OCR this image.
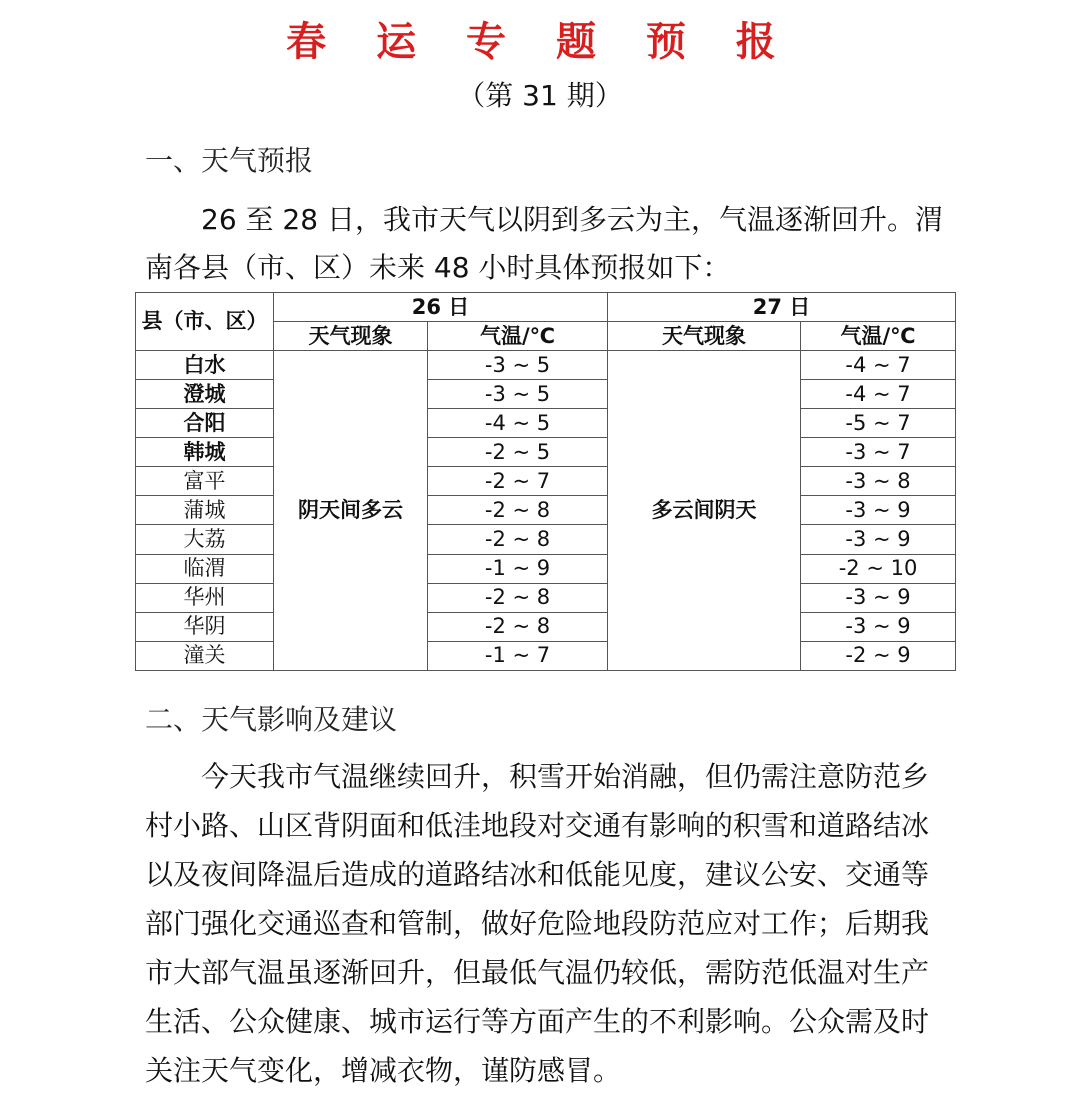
春 运 专 题 预 报
（第 31 期）
一、天气预报

26 至 28 日，我市天气以阴到多云为主，气温逐渐回升。渭南各县（市、区）未来 48 小时具体预报如下：

县（市、区）	26 日		27 日	
	天气现象	气温/℃	天气现象	气温/℃
白水	阴天间多云	-3 ~ 5	多云间阴天	-4 ~ 7
澄城		-3 ~ 5		-4 ~ 7
合阳		-4 ~ 5		-5 ~ 7
韩城		-2 ~ 5		-3 ~ 7
富平		-2 ~ 7		-3 ~ 8
蒲城		-2 ~ 8		-3 ~ 9
大荔		-2 ~ 8		-3 ~ 9
临渭		-1 ~ 9		-2 ~ 10
华州		-2 ~ 8		-3 ~ 9
华阴		-2 ~ 8		-3 ~ 9
潼关		-1 ~ 7		-2 ~ 9
二、天气影响及建议

今天我市气温继续回升，积雪开始消融，但仍需注意防范乡村小路、山区背阴面和低洼地段对交通有影响的积雪和道路结冰以及夜间降温后造成的道路结冰和低能见度，建议公安、交通等部门强化交通巡查和管制，做好危险地段防范应对工作；后期我市大部气温虽逐渐回升，但最低气温仍较低，需防范低温对生产生活、公众健康、城市运行等方面产生的不利影响。公众需及时关注天气变化，增减衣物，谨防感冒。
